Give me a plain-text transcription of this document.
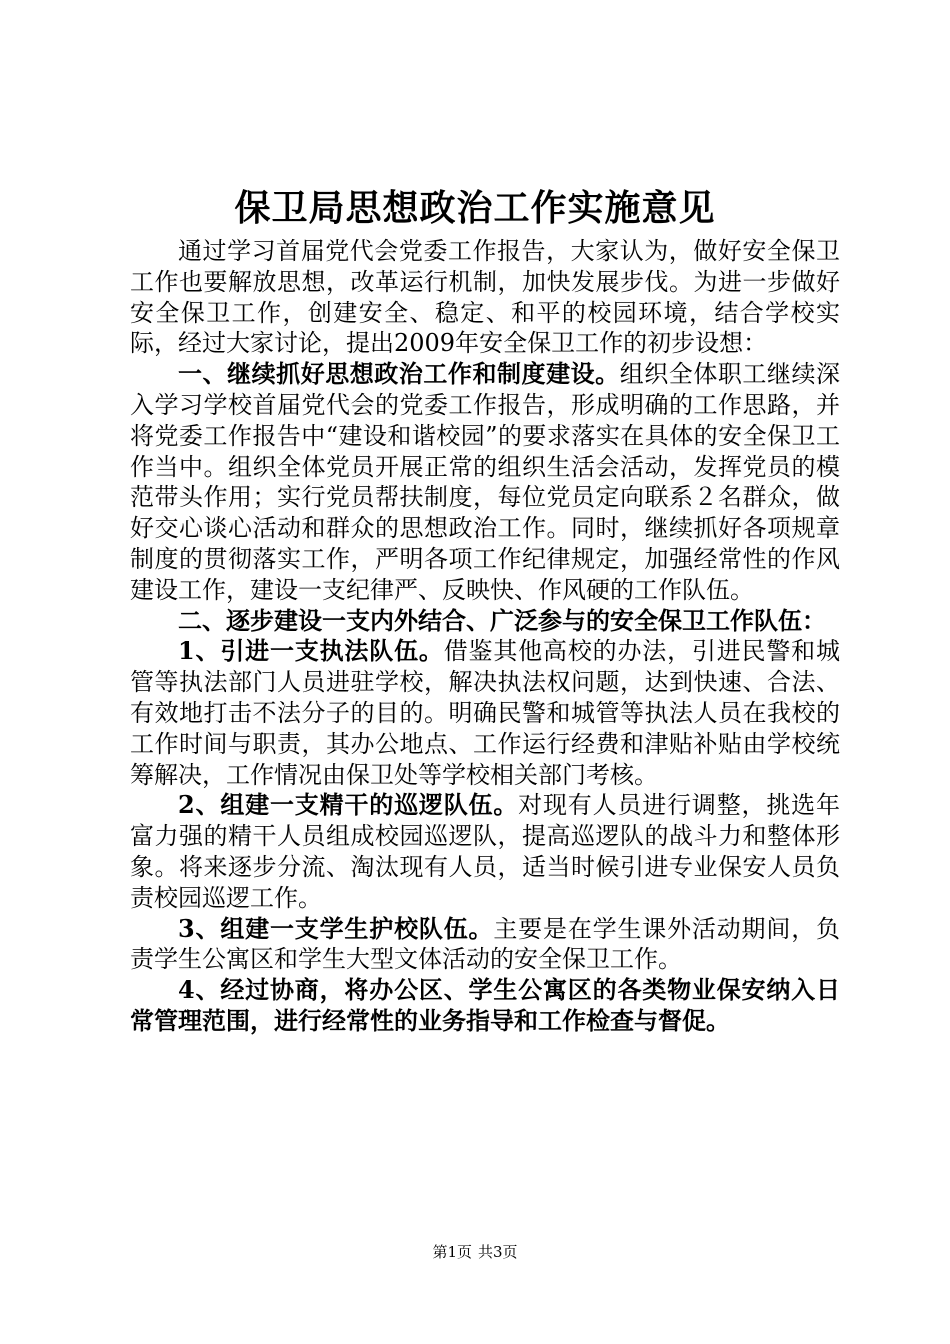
保卫局思想政治工作实施意见

通过学习首届党代会党委工作报告，大家认为，做好安全保卫工作也要解放思想，改革运行机制，加快发展步伐。为进一步做好安全保卫工作，创建安全、稳定、和平的校园环境，结合学校实际，经过大家讨论，提出2009年安全保卫工作的初步设想：

一、继续抓好思想政治工作和制度建设。组织全体职工继续深入学习学校首届党代会的党委工作报告，形成明确的工作思路，并将党委工作报告中“建设和谐校园”的要求落实在具体的安全保卫工作当中。组织全体党员开展正常的组织生活会活动，发挥党员的模范带头作用；实行党员帮扶制度，每位党员定向联系２名群众，做好交心谈心活动和群众的思想政治工作。同时，继续抓好各项规章制度的贯彻落实工作，严明各项工作纪律规定，加强经常性的作风建设工作，建设一支纪律严、反映快、作风硬的工作队伍。

二、逐步建设一支内外结合、广泛参与的安全保卫工作队伍：

1、引进一支执法队伍。借鉴其他高校的办法，引进民警和城管等执法部门人员进驻学校，解决执法权问题，达到快速、合法、有效地打击不法分子的目的。明确民警和城管等执法人员在我校的工作时间与职责，其办公地点、工作运行经费和津贴补贴由学校统筹解决，工作情况由保卫处等学校相关部门考核。

2、组建一支精干的巡逻队伍。对现有人员进行调整，挑选年富力强的精干人员组成校园巡逻队，提高巡逻队的战斗力和整体形象。将来逐步分流、淘汰现有人员，适当时候引进专业保安人员负责校园巡逻工作。

3、组建一支学生护校队伍。主要是在学生课外活动期间，负责学生公寓区和学生大型文体活动的安全保卫工作。

4、经过协商，将办公区、学生公寓区的各类物业保安纳入日常管理范围，进行经常性的业务指导和工作检查与督促。

第1页 共3页
